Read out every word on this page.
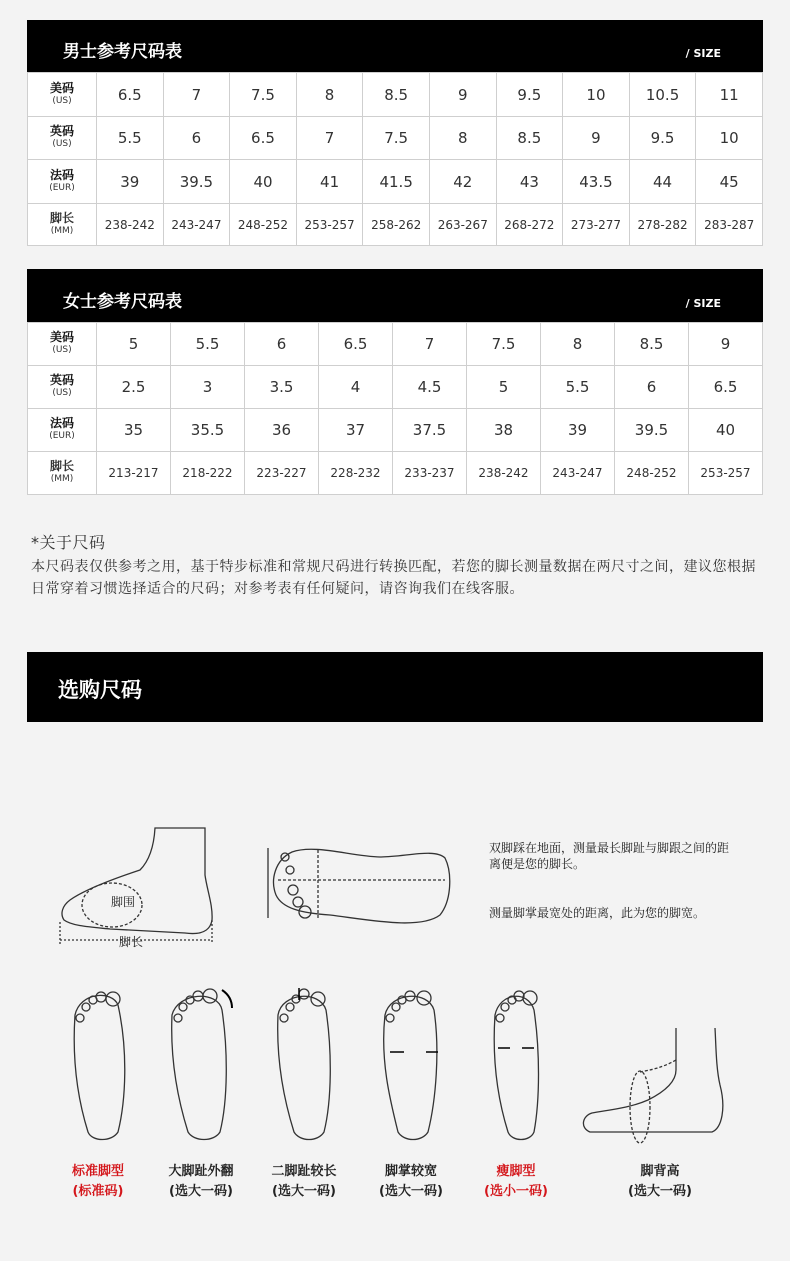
男士参考尺码表	/ SIZE
美码
(US)	6.5	7	7.5	8	8.5	9	9.5	10	10.5	11
英码
(US)	5.5	6	6.5	7	7.5	8	8.5	9	9.5	10
法码
(EUR)	39	39.5	40	41	41.5	42	43	43.5	44	45
脚长
(MM)	238-242	243-247	248-252	253-257	258-262	263-267	268-272	273-277	278-282	283-287
女士参考尺码表	/ SIZE
美码
(US)	5	5.5	6	6.5	7	7.5	8	8.5	9
英码
(US)	2.5	3	3.5	4	4.5	5	5.5	6	6.5
法码
(EUR)	35	35.5	36	37	37.5	38	39	39.5	40
脚长
(MM)	213-217	218-222	223-227	228-232	233-237	238-242	243-247	248-252	253-257
*关于尺码
本尺码表仅供参考之用，基于特步标准和常规尺码进行转换匹配，若您的脚长测量数据在两尺寸之间，建议您根据日常穿着习惯选择适合的尺码；对参考表有任何疑问，请咨询我们在线客服。
选购尺码
脚围
脚长
双脚踩在地面，测量最长脚趾与脚跟之间的距离便是您的脚长。
测量脚掌最宽处的距离，此为您的脚宽。
标准脚型
(标准码)
大脚趾外翻
(选大一码)
二脚趾较长
(选大一码)
脚掌较宽
(选大一码)
瘦脚型
(选小一码)
脚背高
(选大一码)
